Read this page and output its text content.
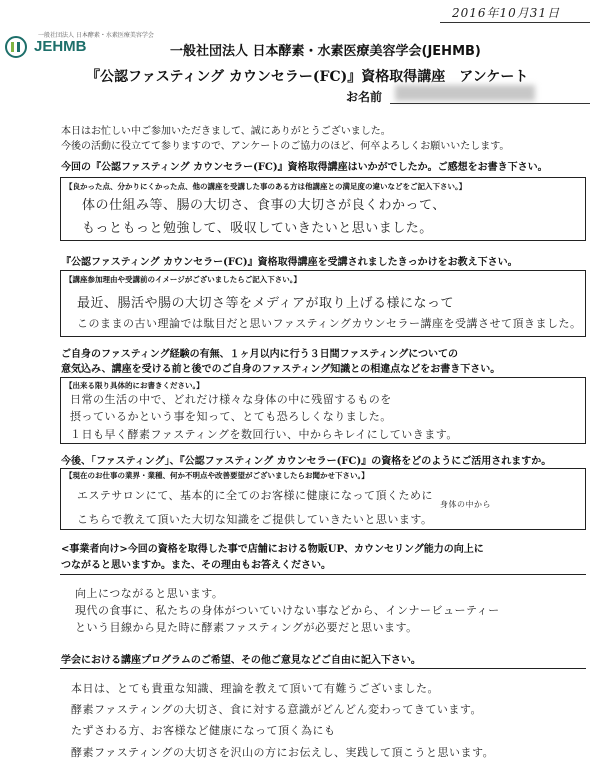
2016年10月31日
一般社団法人 日本酵素・水素医療美容学会
JEHMB	一般社団法人 日本酵素・水素医療美容学会(JEHMB)
『公認ファスティング カウンセラー(FC)』資格取得講座　アンケート
お名前
本日はお忙しい中ご参加いただきまして、誠にありがとうございました。
今後の活動に役立てて参りますので、アンケートのご協力のほど、何卒よろしくお願いいたします。
今回の『公認ファスティング カウンセラー(FC)』資格取得講座はいかがでしたか。ご感想をお書き下さい。
【良かった点、分かりにくかった点、他の講座を受講した事のある方は他講座との満足度の違いなどをご記入下さい。】
体の仕組み等、腸の大切さ、食事の大切さが良くわかって、
もっともっと勉強して、吸収していきたいと思いました。
『公認ファスティング カウンセラー(FC)』資格取得講座を受講されましたきっかけをお教え下さい。
【講座参加理由や受講前のイメージがございましたらご記入下さい。】
最近、腸活や腸の大切さ等をメディアが取り上げる様になって
このままの古い理論では駄目だと思いファスティングカウンセラー講座を受講させて頂きました。
ご自身のファスティング経験の有無、１ヶ月以内に行う３日間ファスティングについての
意気込み、講座を受ける前と後でのご自身のファスティング知識との相違点などをお書き下さい。
【出来る限り具体的にお書きください。】
日常の生活の中で、どれだけ様々な身体の中に残留するものを
摂っているかという事を知って、とても恐ろしくなりました。
１日も早く酵素ファスティングを数回行い、中からキレイにしていきます。
今後、「ファスティング」、『公認ファスティング カウンセラー(FC)』の資格をどのようにご活用されますか。
【現在のお仕事の業界・業種、何か不明点や改善要望がございましたらお聞かせ下さい。】
エステサロンにて、基本的に全てのお客様に健康になって頂くために
身体の中から
こちらで教えて頂いた大切な知識をご提供していきたいと思います。
<事業者向け>今回の資格を取得した事で店舗における物販UP、カウンセリング能力の向上に
つながると思いますか。また、その理由もお答えください。
向上につながると思います。
現代の食事に、私たちの身体がついていけない事などから、インナービューティー
という目線から見た時に酵素ファスティングが必要だと思います。
学会における講座プログラムのご希望、その他ご意見などご自由に記入下さい。
本日は、とても貴重な知識、理論を教えて頂いて有難うございました。
酵素ファスティングの大切さ、食に対する意識がどんどん変わってきています。
たずさわる方、お客様など健康になって頂く為にも
酵素ファスティングの大切さを沢山の方にお伝えし、実践して頂こうと思います。
